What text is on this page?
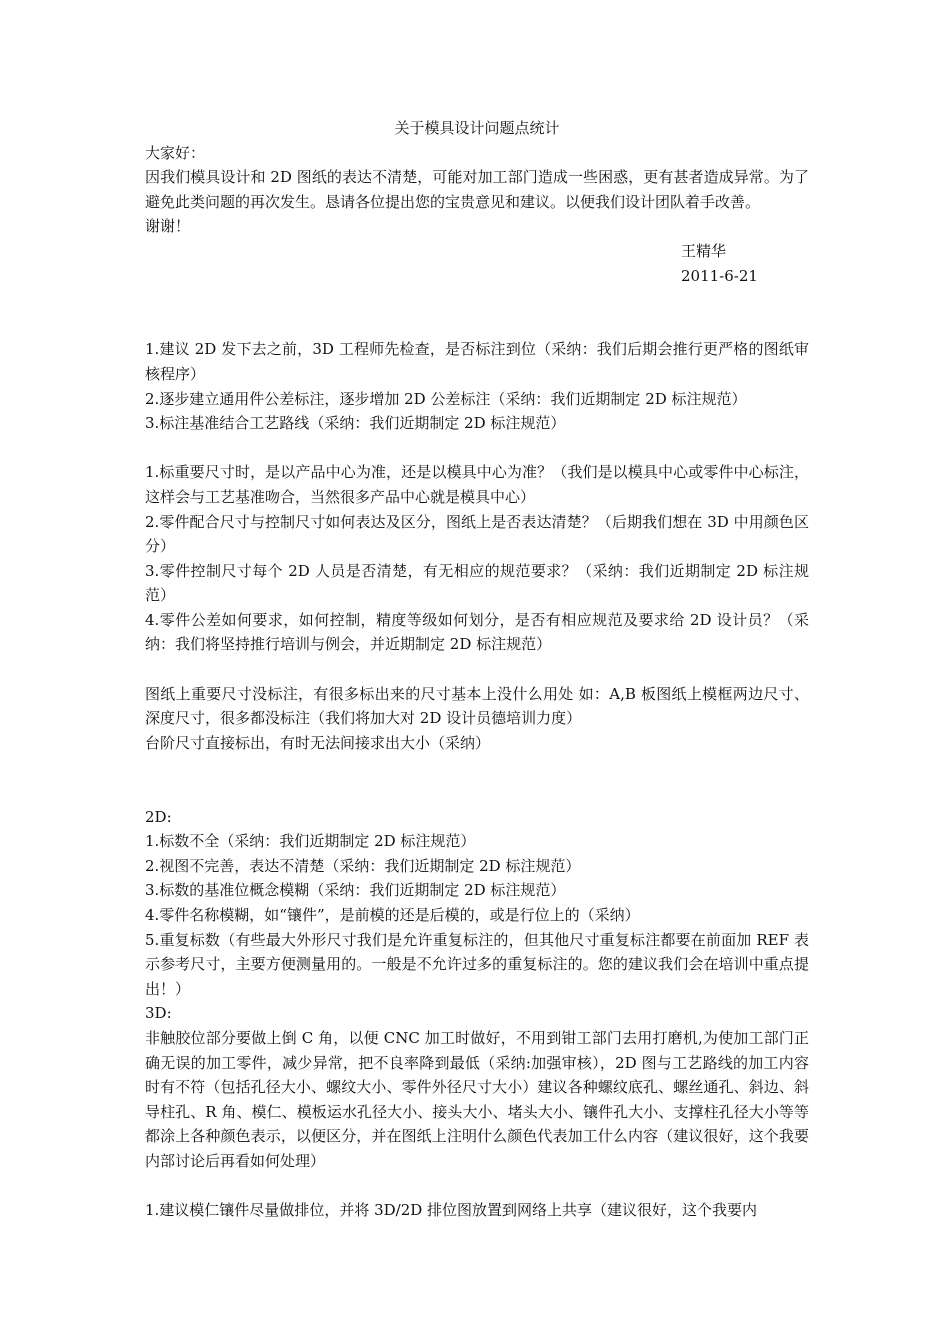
关于模具设计问题点统计

大家好：

因我们模具设计和 2D 图纸的表达不清楚，可能对加工部门造成一些困惑，更有甚者造成异常。为了避免此类问题的再次发生。恳请各位提出您的宝贵意见和建议。以便我们设计团队着手改善。

谢谢！

王精华

2011-6-21

1.建议 2D 发下去之前，3D 工程师先检查，是否标注到位（采纳：我们后期会推行更严格的图纸审核程序）

2.逐步建立通用件公差标注，逐步增加 2D 公差标注（采纳：我们近期制定 2D 标注规范）

3.标注基准结合工艺路线（采纳：我们近期制定 2D 标注规范）

1.标重要尺寸时，是以产品中心为准，还是以模具中心为准？（我们是以模具中心或零件中心标注，这样会与工艺基准吻合，当然很多产品中心就是模具中心）

2.零件配合尺寸与控制尺寸如何表达及区分，图纸上是否表达清楚？（后期我们想在 3D 中用颜色区分）

3.零件控制尺寸每个 2D 人员是否清楚，有无相应的规范要求？（采纳：我们近期制定 2D 标注规范）

4.零件公差如何要求，如何控制，精度等级如何划分，是否有相应规范及要求给 2D 设计员？（采纳：我们将坚持推行培训与例会，并近期制定 2D 标注规范）

图纸上重要尺寸没标注，有很多标出来的尺寸基本上没什么用处 如：A,B 板图纸上模框两边尺寸、深度尺寸，很多都没标注（我们将加大对 2D 设计员德培训力度）

台阶尺寸直接标出，有时无法间接求出大小（采纳）

2D:

1.标数不全（采纳：我们近期制定 2D 标注规范）

2.视图不完善，表达不清楚（采纳：我们近期制定 2D 标注规范）

3.标数的基准位概念模糊（采纳：我们近期制定 2D 标注规范）

4.零件名称模糊，如“镶件”，是前模的还是后模的，或是行位上的（采纳）

5.重复标数（有些最大外形尺寸我们是允许重复标注的，但其他尺寸重复标注都要在前面加 REF 表示参考尺寸，主要方便测量用的。一般是不允许过多的重复标注的。您的建议我们会在培训中重点提出！）

3D:

非触胶位部分要做上倒 C 角，以便 CNC 加工时做好，不用到钳工部门去用打磨机,为使加工部门正确无误的加工零件，减少异常，把不良率降到最低（采纳:加强审核），2D 图与工艺路线的加工内容时有不符（包括孔径大小、螺纹大小、零件外径尺寸大小）建议各种螺纹底孔、螺丝通孔、斜边、斜导柱孔、R 角、模仁、模板运水孔径大小、接头大小、堵头大小、镶件孔大小、支撑柱孔径大小等等都涂上各种颜色表示，以便区分，并在图纸上注明什么颜色代表加工什么内容（建议很好，这个我要内部讨论后再看如何处理）

1.建议模仁镶件尽量做排位，并将 3D/2D 排位图放置到网络上共享（建议很好，这个我要内
